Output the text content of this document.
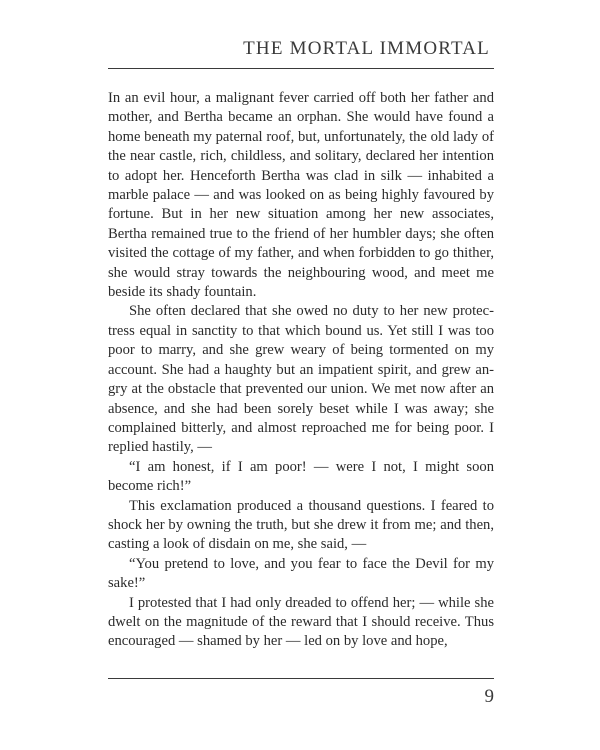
THE MORTAL IMMORTAL

In an evil hour, a malignant fever carried off both her father and mother, and Bertha became an orphan. She would have found a home beneath my paternal roof, but, unfortunately, the old lady of the near castle, rich, childless, and solitary, declared her intention to adopt her. Henceforth Bertha was clad in silk — inhabited a marble palace — and was looked on as being highly favoured by fortune. But in her new situation among her new associates, Bertha remained true to the friend of her humbler days; she often visited the cottage of my father, and when forbidden to go thither, she would stray towards the neighbouring wood, and meet me beside its shady fountain.

She often declared that she owed no duty to her new protectress equal in sanctity to that which bound us. Yet still I was too poor to marry, and she grew weary of being tormented on my account. She had a haughty but an impatient spirit, and grew angry at the obstacle that prevented our union. We met now after an absence, and she had been sorely beset while I was away; she complained bitterly, and almost reproached me for being poor. I replied hastily, —

“I am honest, if I am poor! — were I not, I might soon become rich!”

This exclamation produced a thousand questions. I feared to shock her by owning the truth, but she drew it from me; and then, casting a look of disdain on me, she said, —

“You pretend to love, and you fear to face the Devil for my sake!”

I protested that I had only dreaded to offend her; — while she dwelt on the magnitude of the reward that I should receive. Thus encouraged — shamed by her — led on by love and hope,

9
